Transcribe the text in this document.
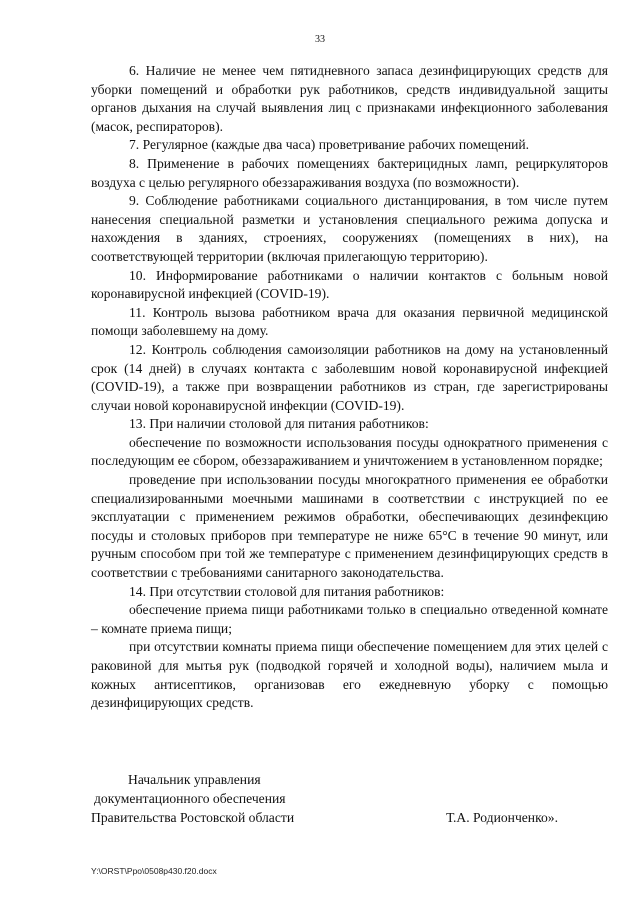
33

6. Наличие не менее чем пятидневного запаса дезинфицирующих средств для уборки помещений и обработки рук работников, средств индивидуальной защиты органов дыхания на случай выявления лиц с признаками инфекционного заболевания (масок, респираторов).

7. Регулярное (каждые два часа) проветривание рабочих помещений.

8. Применение в рабочих помещениях бактерицидных ламп, рециркуляторов воздуха с целью регулярного обеззараживания воздуха (по возможности).

9. Соблюдение работниками социального дистанцирования, в том числе путем нанесения специальной разметки и установления специального режима допуска и нахождения в зданиях, строениях, сооружениях (помещениях в них), на соответствующей территории (включая прилегающую территорию).

10. Информирование работниками о наличии контактов с больным новой коронавирусной инфекцией (COVID-19).

11. Контроль вызова работником врача для оказания первичной медицинской помощи заболевшему на дому.

12. Контроль соблюдения самоизоляции работников на дому на установленный срок (14 дней) в случаях контакта с заболевшим новой коронавирусной инфекцией (COVID-19), а также при возвращении работников из стран, где зарегистрированы случаи новой коронавирусной инфекции (COVID-19).

13. При наличии столовой для питания работников:

обеспечение по возможности использования посуды однократного применения с последующим ее сбором, обеззараживанием и уничтожением в установленном порядке;

проведение при использовании посуды многократного применения ее обработки специализированными моечными машинами в соответствии с инструкцией по ее эксплуатации с применением режимов обработки, обеспечивающих дезинфекцию посуды и столовых приборов при температуре не ниже 65°С в течение 90 минут, или ручным способом при той же температуре с применением дезинфицирующих средств в соответствии с требованиями санитарного законодательства.

14. При отсутствии столовой для питания работников:

обеспечение приема пищи работниками только в специально отведенной комнате – комнате приема пищи;

при отсутствии комнаты приема пищи обеспечение помещением для этих целей с раковиной для мытья рук (подводкой горячей и холодной воды), наличием мыла и кожных антисептиков, организовав его ежедневную уборку с помощью дезинфицирующих средств.

Начальник управления
документационного обеспечения
Правительства Ростовской области	Т.А. Родионченко».
Y:\ORST\Ppo\0508p430.f20.docx
